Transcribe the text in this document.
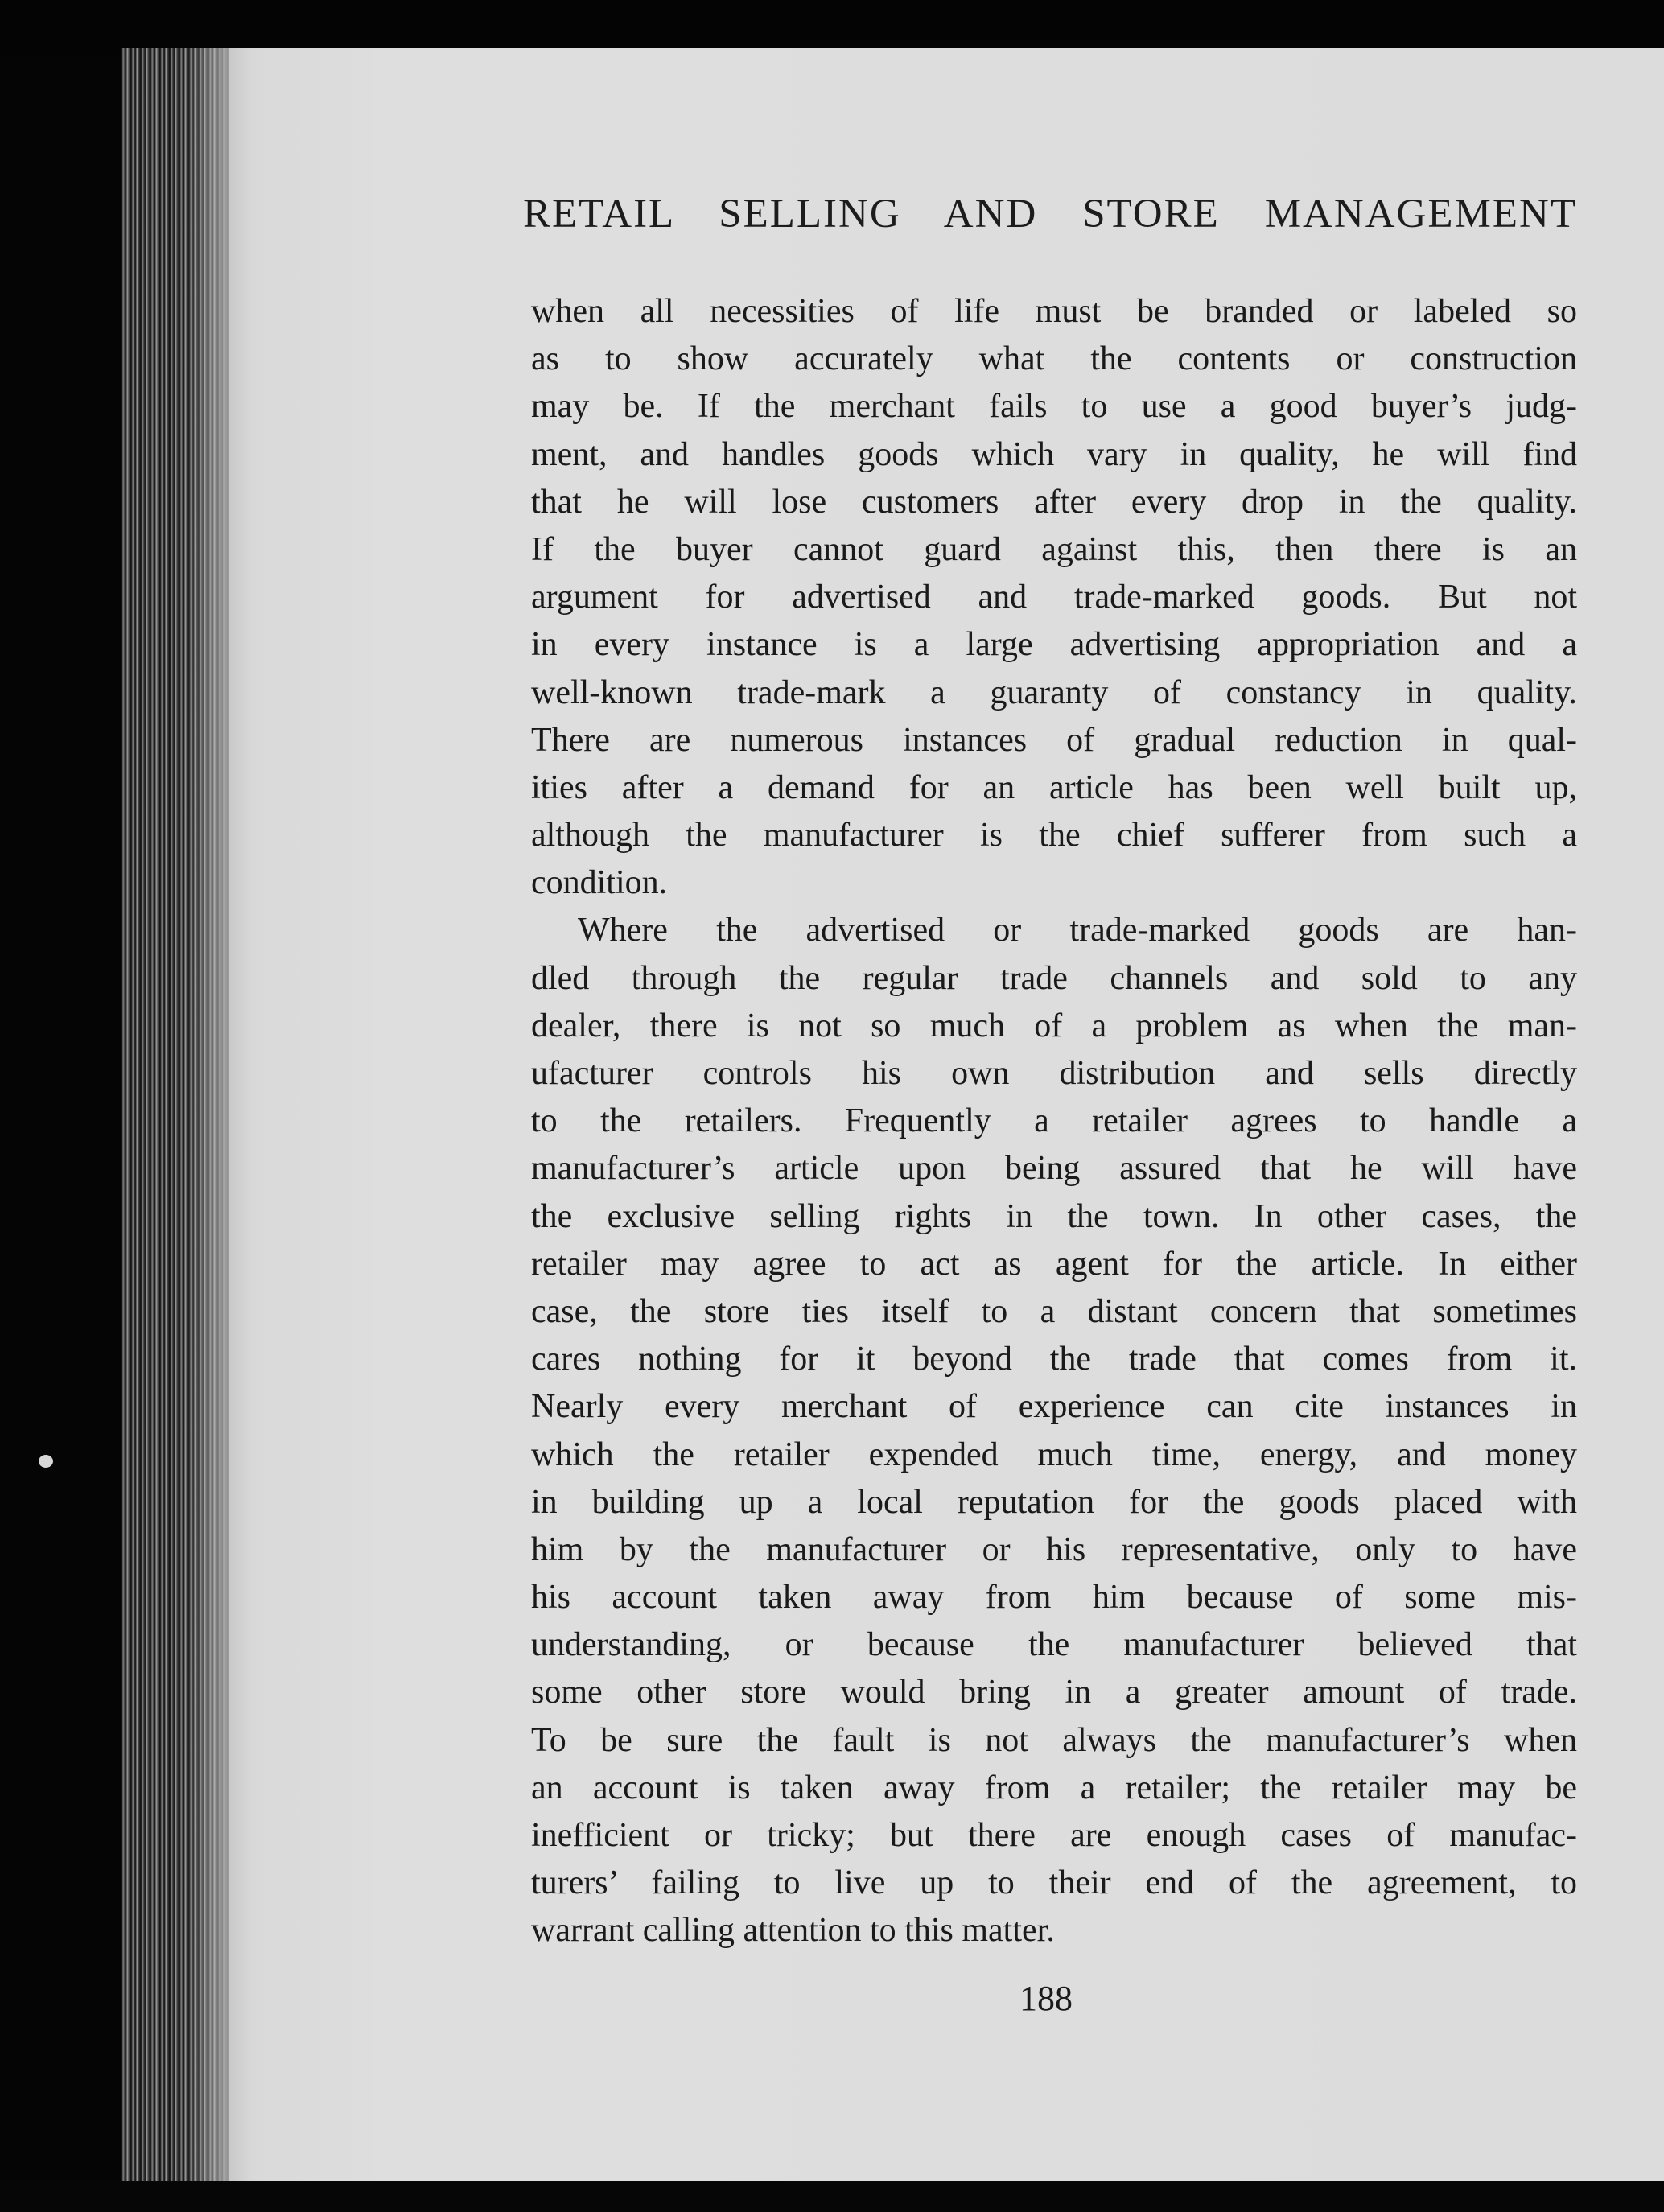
RETAIL SELLING AND STORE MANAGEMENT
when all necessities of life must be branded or labeled so
as to show accurately what the contents or construction
may be. If the merchant fails to use a good buyer’s judg-
ment, and handles goods which vary in quality, he will find
that he will lose customers after every drop in the quality.
If the buyer cannot guard against this, then there is an
argument for advertised and trade-marked goods. But not
in every instance is a large advertising appropriation and a
well-known trade-mark a guaranty of constancy in quality.
There are numerous instances of gradual reduction in qual-
ities after a demand for an article has been well built up,
although the manufacturer is the chief sufferer from such a
condition.
Where the advertised or trade-marked goods are han-
dled through the regular trade channels and sold to any
dealer, there is not so much of a problem as when the man-
ufacturer controls his own distribution and sells directly
to the retailers. Frequently a retailer agrees to handle a
manufacturer’s article upon being assured that he will have
the exclusive selling rights in the town. In other cases, the
retailer may agree to act as agent for the article. In either
case, the store ties itself to a distant concern that sometimes
cares nothing for it beyond the trade that comes from it.
Nearly every merchant of experience can cite instances in
which the retailer expended much time, energy, and money
in building up a local reputation for the goods placed with
him by the manufacturer or his representative, only to have
his account taken away from him because of some mis-
understanding, or because the manufacturer believed that
some other store would bring in a greater amount of trade.
To be sure the fault is not always the manufacturer’s when
an account is taken away from a retailer; the retailer may be
inefficient or tricky; but there are enough cases of manufac-
turers’ failing to live up to their end of the agreement, to
warrant calling attention to this matter.
188
